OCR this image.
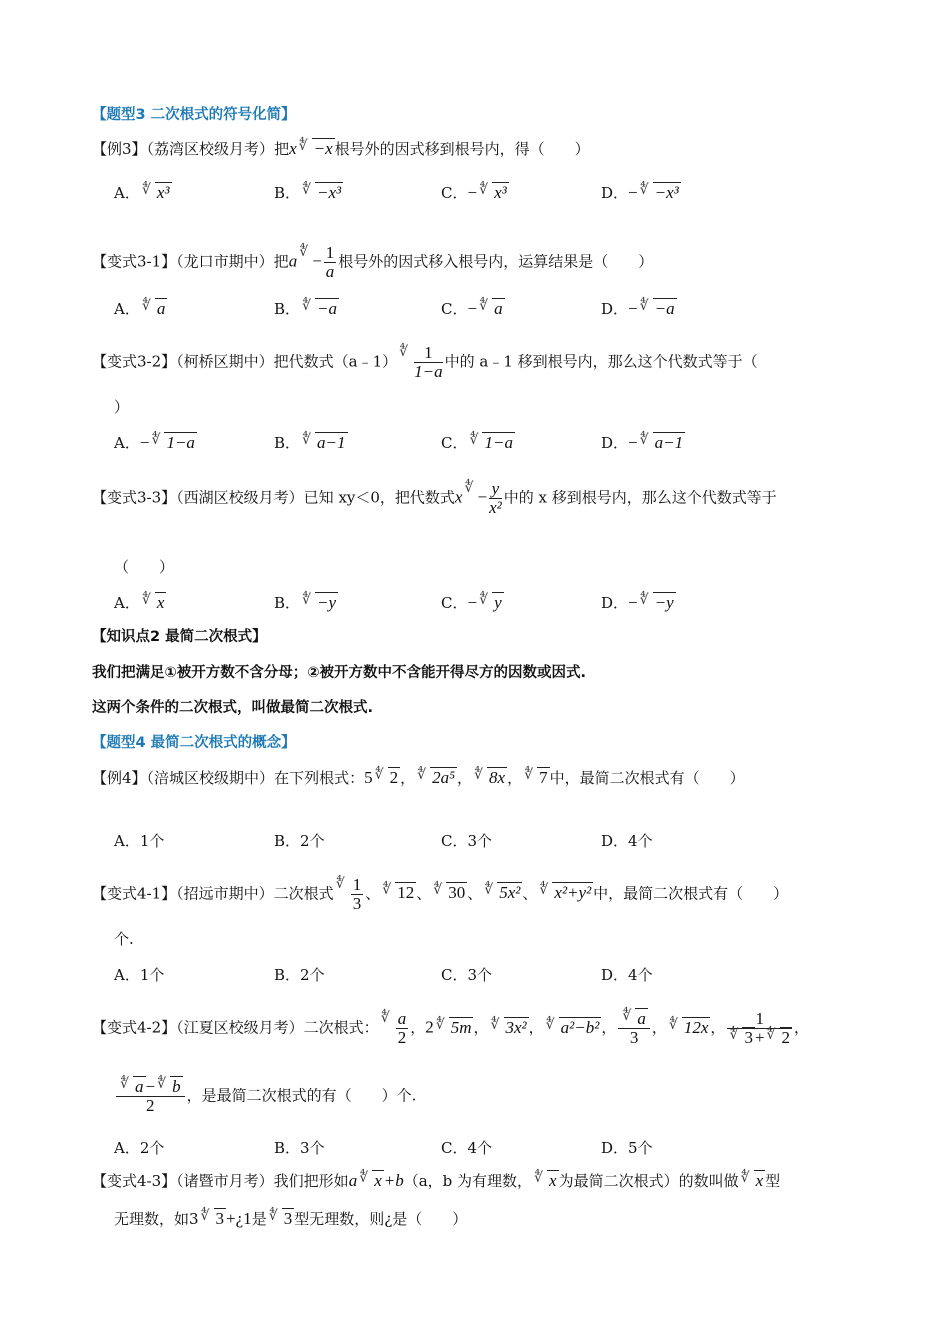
【题型3 二次根式的符号化简】
【例3】（荔湾区校级月考）把x ∜ −x 根号外的因式移到根号内，得（　　）
A． ∜ x³	B． ∜ −x³	C．− ∜ x³	D．− ∜ −x³
【变式3-1】（龙口市期中）把a ∜ − $\frac{1}{a}$ 根号外的因式移入根号内，运算结果是（　　）
A． ∜ a	B． ∜ −a	C．− ∜ a	D．− ∜ −a
【变式3-2】（柯桥区期中）把代数式（a﹣1） ∜ $\frac{1}{1-a}$ 中的 a﹣1 移到根号内，那么这个代数式等于（
）
A．− ∜ 1−a	B． ∜ a−1	C． ∜ 1−a	D．− ∜ a−1
【变式3-3】（西湖区校级月考）已知 xy＜0，把代数式x ∜ − $\frac{y}{\text{x²}}$ 中的 x 移到根号内，那么这个代数式等于
（　　）
A． ∜ x	B． ∜ −y	C．− ∜ y	D．− ∜ −y
【知识点2 最简二次根式】
我们把满足①被开方数不含分母；②被开方数中不含能开得尽方的因数或因式.
这两个条件的二次根式，叫做最简二次根式.
【题型4 最简二次根式的概念】
【例4】（涪城区校级期中）在下列根式：5 ∜ 2 ， ∜ 2a⁵ ， ∜ 8x ， ∜ 7 中，最简二次根式有（　　）
A．1个	B．2个	C．3个	D．4个
【变式4-1】（招远市期中）二次根式 ∜ $\frac{1}{3}$ 、 ∜ 12 、 ∜ 30 、 ∜ 5x² 、 ∜ x²+y² 中，最简二次根式有（　　）
个.
A．1个	B．2个	C．3个	D．4个
【变式4-2】（江夏区校级月考）二次根式： ∜ $\frac{a}{2}$ ，2 ∜ 5m ， ∜ 3x² ， ∜ a²−b² ， ∜ $\frac{a}{3}$ ， ∜ 12x ， 1
∜ 3 + ∜ 2 ，
∜ $\frac{a - ∜ b}{2}$ ，是最简二次根式的有（　　）个.
A．2个	B．3个	C．4个	D．5个
【变式4-3】（诸暨市月考）我们把形如a ∜ x +b（a，b 为有理数， ∜ x 为最简二次根式）的数叫做 ∜ x 型
无理数，如3 ∜ 3 +¿1是 ∜ 3 型无理数，则¿是（　　）
